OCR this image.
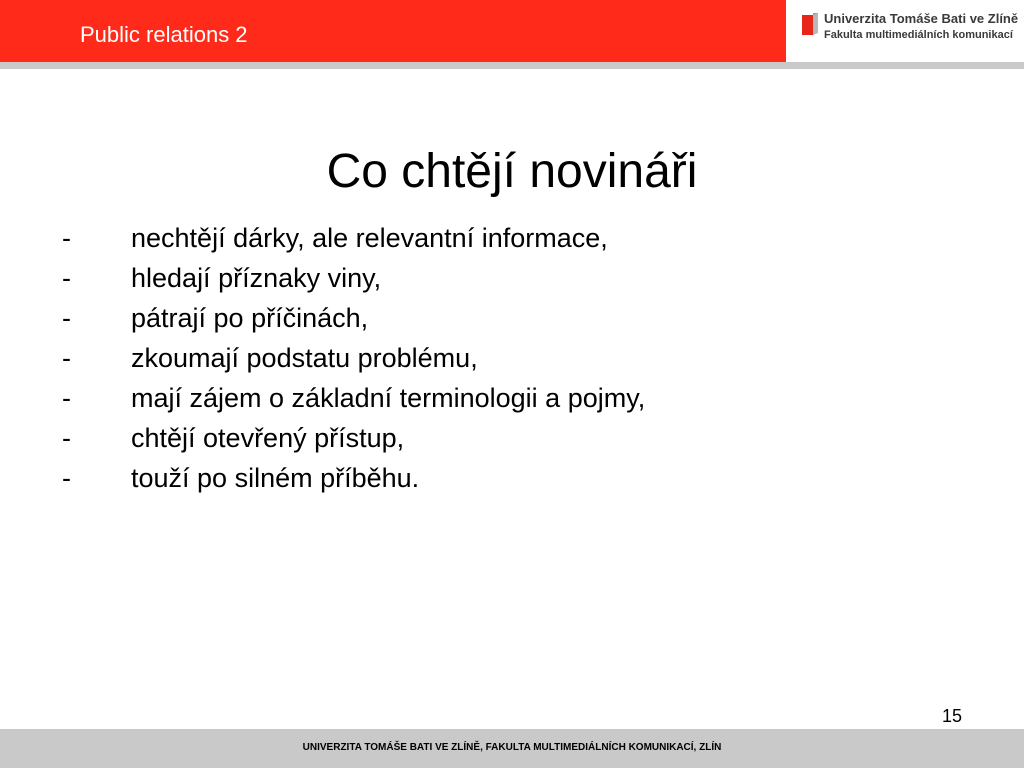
Public relations 2
Univerzita Tomáše Bati ve Zlíně
Fakulta multimediálních komunikací
Co chtějí novináři
- nechtějí dárky, ale relevantní informace,
- hledají příznaky viny,
- pátrají po příčinách,
- zkoumají podstatu problému,
- mají zájem o základní terminologii a pojmy,
- chtějí otevřený přístup,
- touží po silném příběhu.
15
UNIVERZITA TOMÁŠE BATI VE ZLÍNĚ, FAKULTA MULTIMEDIÁLNÍCH KOMUNIKACÍ, ZLÍN
